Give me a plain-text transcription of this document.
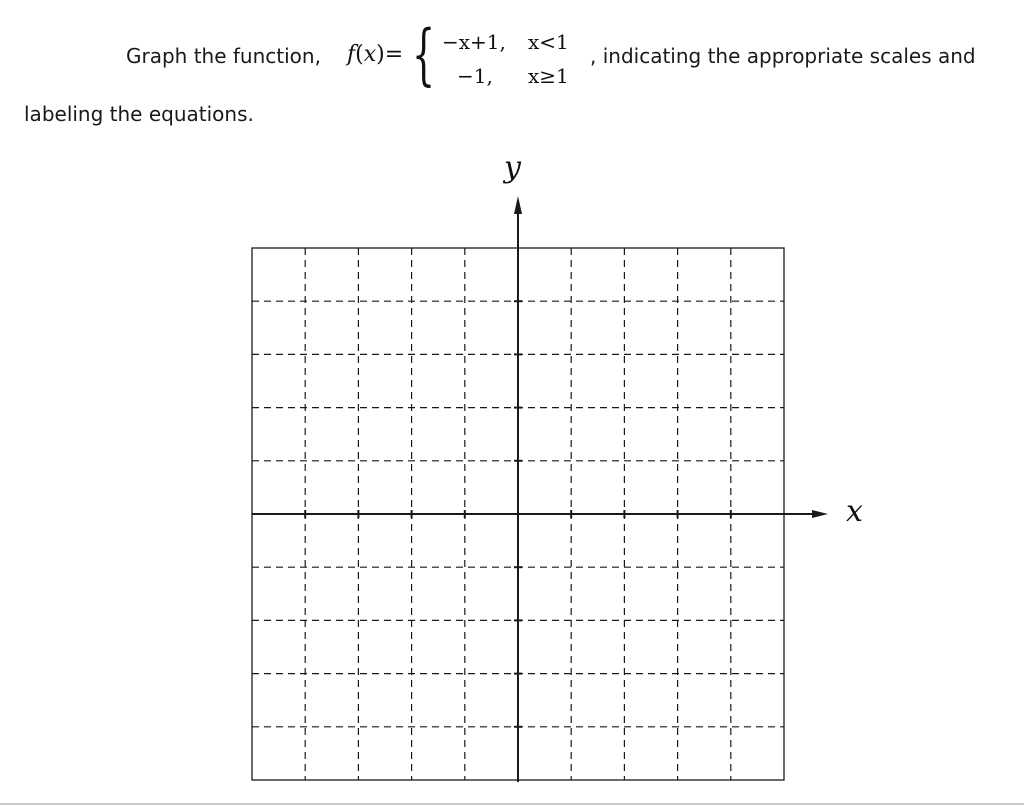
Graph the function, f(x)= { −x+1, x<1
−1, x≥1
, indicating the appropriate scales and
labeling the equations.
y
x
